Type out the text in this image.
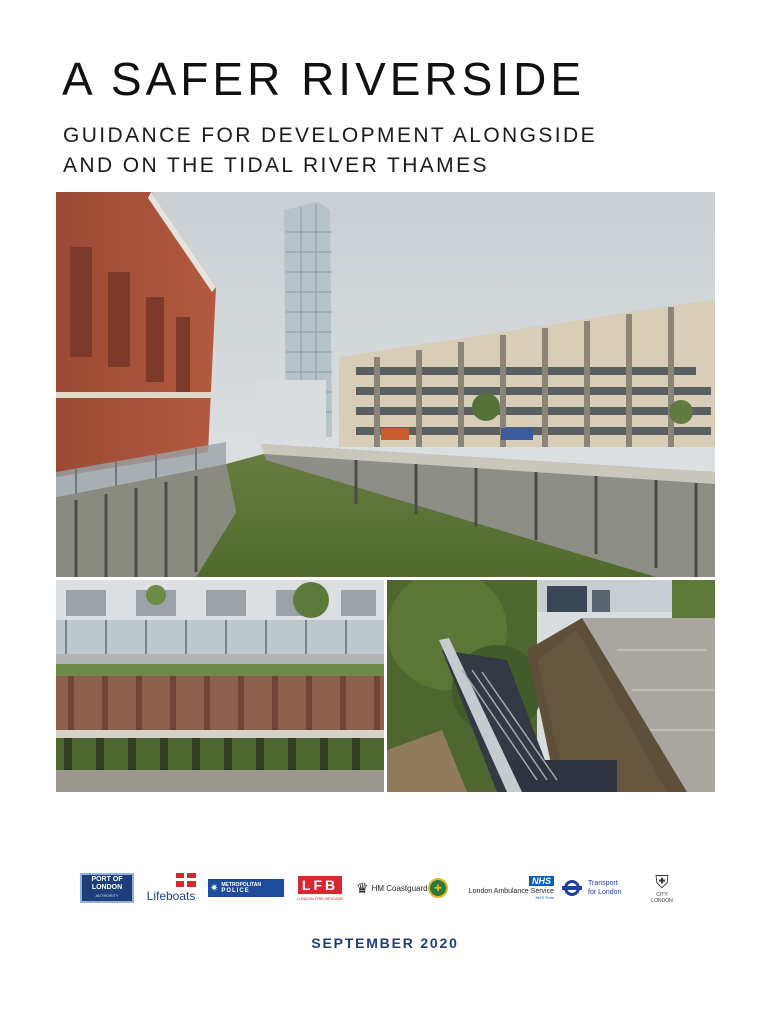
A SAFER RIVERSIDE
GUIDANCE FOR DEVELOPMENT ALONGSIDE
AND ON THE TIDAL RIVER THAMES
PORT OF
LONDON
AUTHORITY Lifeboats
✷ METROPOLITAN
POLICE	LFB
LONDON FIRE BRIGADE
♛ HM Coastguard ✚
NHS
London Ambulance Service
NHS Trust
Transport
for London
⛨
CITY
LONDON
SEPTEMBER 2020
